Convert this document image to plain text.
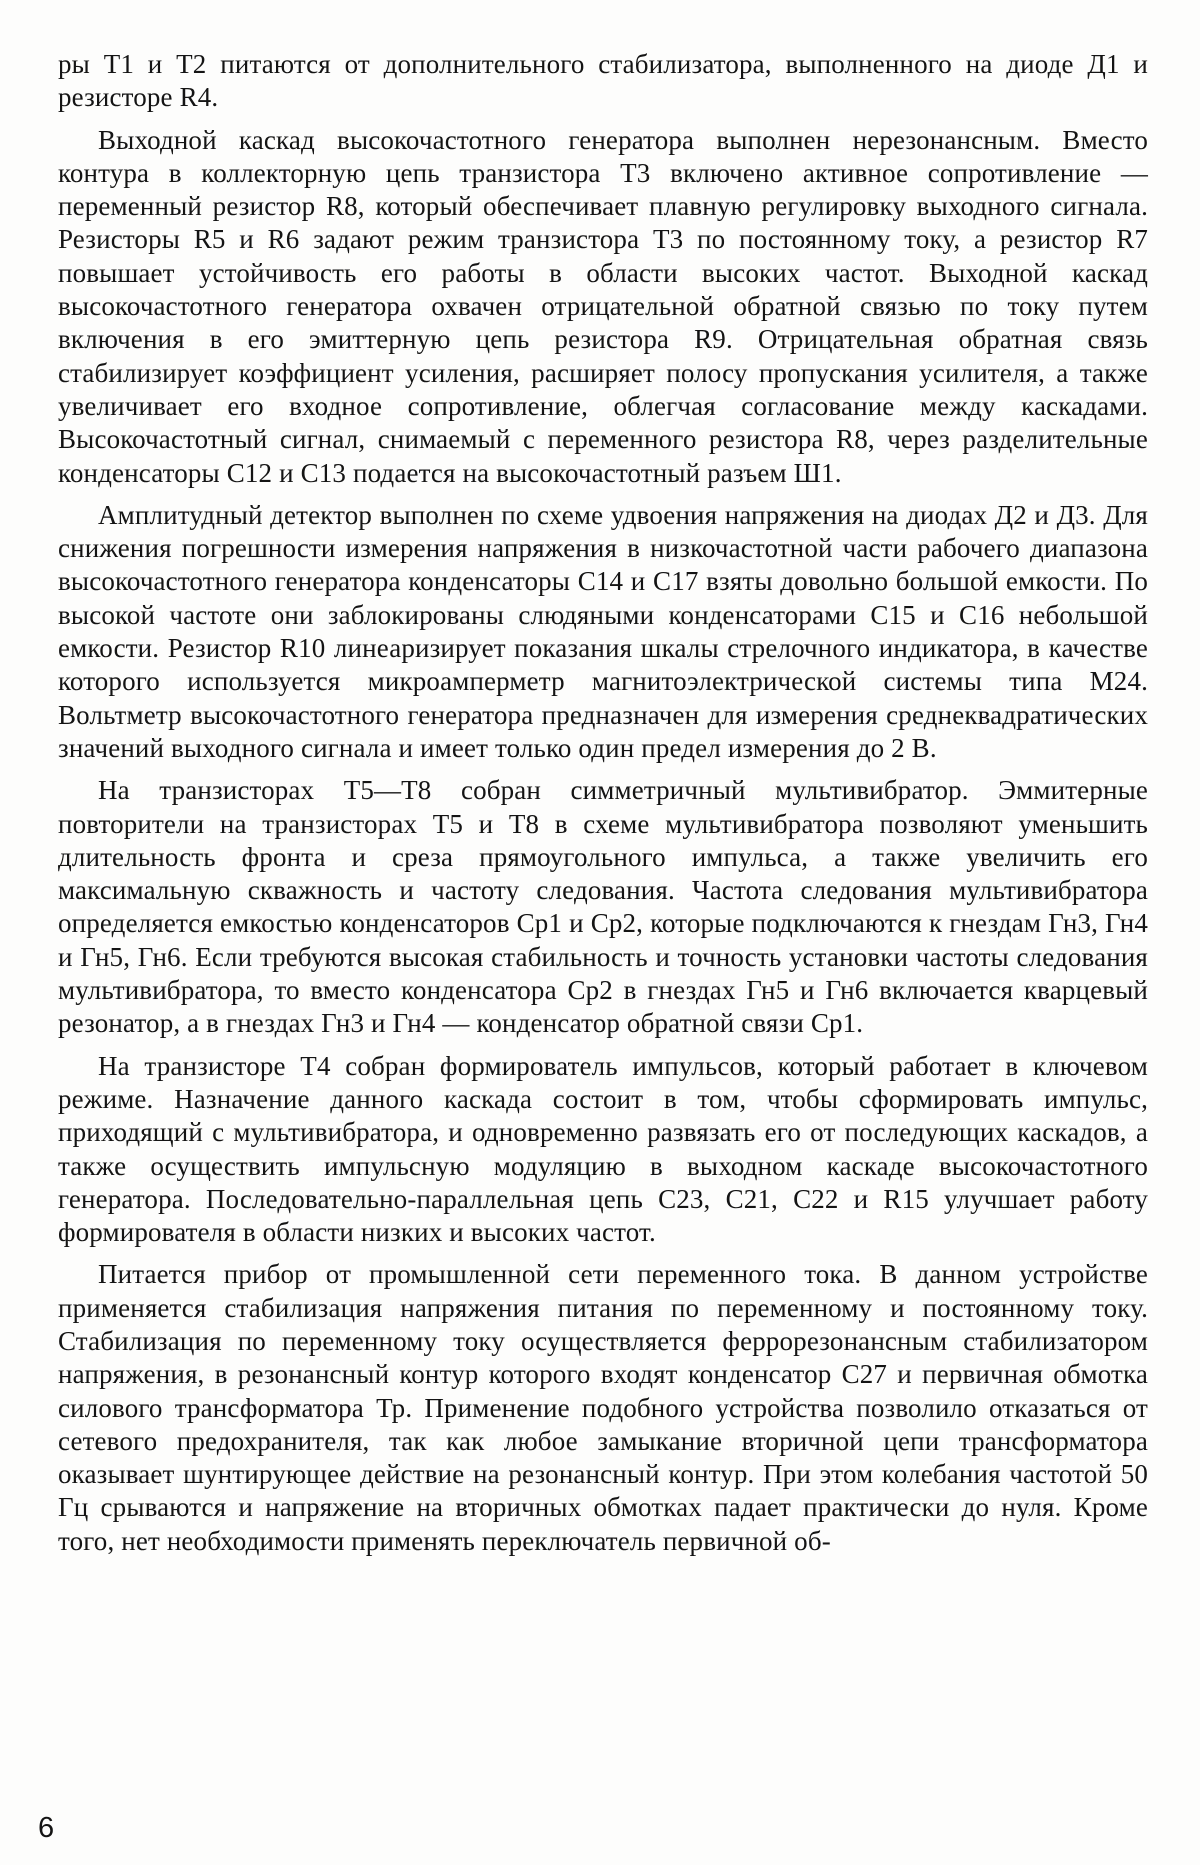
ры Т1 и Т2 питаются от дополнительного стабилизатора, выполненного на диоде Д1 и резисторе R4.

Выходной каскад высокочастотного генератора выполнен нерезонансным. Вместо контура в коллекторную цепь транзистора Т3 включено активное сопротивление — переменный резистор R8, который обеспечивает плавную регулировку выходного сигнала. Резисторы R5 и R6 задают режим транзистора Т3 по постоянному току, а резистор R7 повышает устойчивость его работы в области высоких частот. Выходной каскад высокочастотного генератора охвачен отрицательной обратной связью по току путем включения в его эмиттерную цепь резистора R9. Отрицательная обратная связь стабилизирует коэффициент усиления, расширяет полосу пропускания усилителя, а также увеличивает его входное сопротивление, облегчая согласование между каскадами. Высокочастотный сигнал, снимаемый с переменного резистора R8, через разделительные конденсаторы С12 и С13 подается на высокочастотный разъем Ш1.

Амплитудный детектор выполнен по схеме удвоения напряжения на диодах Д2 и Д3. Для снижения погрешности измерения напряжения в низкочастотной части рабочего диапазона высокочастотного генератора конденсаторы С14 и С17 взяты довольно большой емкости. По высокой частоте они заблокированы слюдяными конденсаторами С15 и С16 небольшой емкости. Резистор R10 линеаризирует показания шкалы стрелочного индикатора, в качестве которого используется микроамперметр магнитоэлектрической системы типа М24. Вольтметр высокочастотного генератора предназначен для измерения среднеквадратических значений выходного сигнала и имеет только один предел измерения до 2 В.

На транзисторах Т5—Т8 собран симметричный мультивибратор. Эммитерные повторители на транзисторах Т5 и Т8 в схеме мультивибратора позволяют уменьшить длительность фронта и среза прямоугольного импульса, а также увеличить его максимальную скважность и частоту следования. Частота следования мультивибратора определяется емкостью конденсаторов Cр1 и Cр2, которые подключаются к гнездам Гн3, Гн4 и Гн5, Гн6. Если требуются высокая стабильность и точность установки частоты следования мультивибратора, то вместо конденсатора Cр2 в гнездах Гн5 и Гн6 включается кварцевый резонатор, а в гнездах Гн3 и Гн4 — конденсатор обратной связи Cр1.

На транзисторе Т4 собран формирователь импульсов, который работает в ключевом режиме. Назначение данного каскада состоит в том, чтобы сформировать импульс, приходящий с мультивибратора, и одновременно развязать его от последующих каскадов, а также осуществить импульсную модуляцию в выходном каскаде высокочастотного генератора. Последовательно-параллельная цепь С23, С21, С22 и R15 улучшает работу формирователя в области низких и высоких частот.

Питается прибор от промышленной сети переменного тока. В данном устройстве применяется стабилизация напряжения питания по переменному и постоянному току. Стабилизация по переменному току осуществляется феррорезонансным стабилизатором напряжения, в резонансный контур которого входят конденсатор С27 и первичная обмотка силового трансформатора Тр. Применение подобного устройства позволило отказаться от сетевого предохранителя, так как любое замыкание вторичной цепи трансформатора оказывает шунтирующее действие на резонансный контур. При этом колебания частотой 50 Гц срываются и напряжение на вторичных обмотках падает практически до нуля. Кроме того, нет необходимости применять переключатель первичной об-

6
